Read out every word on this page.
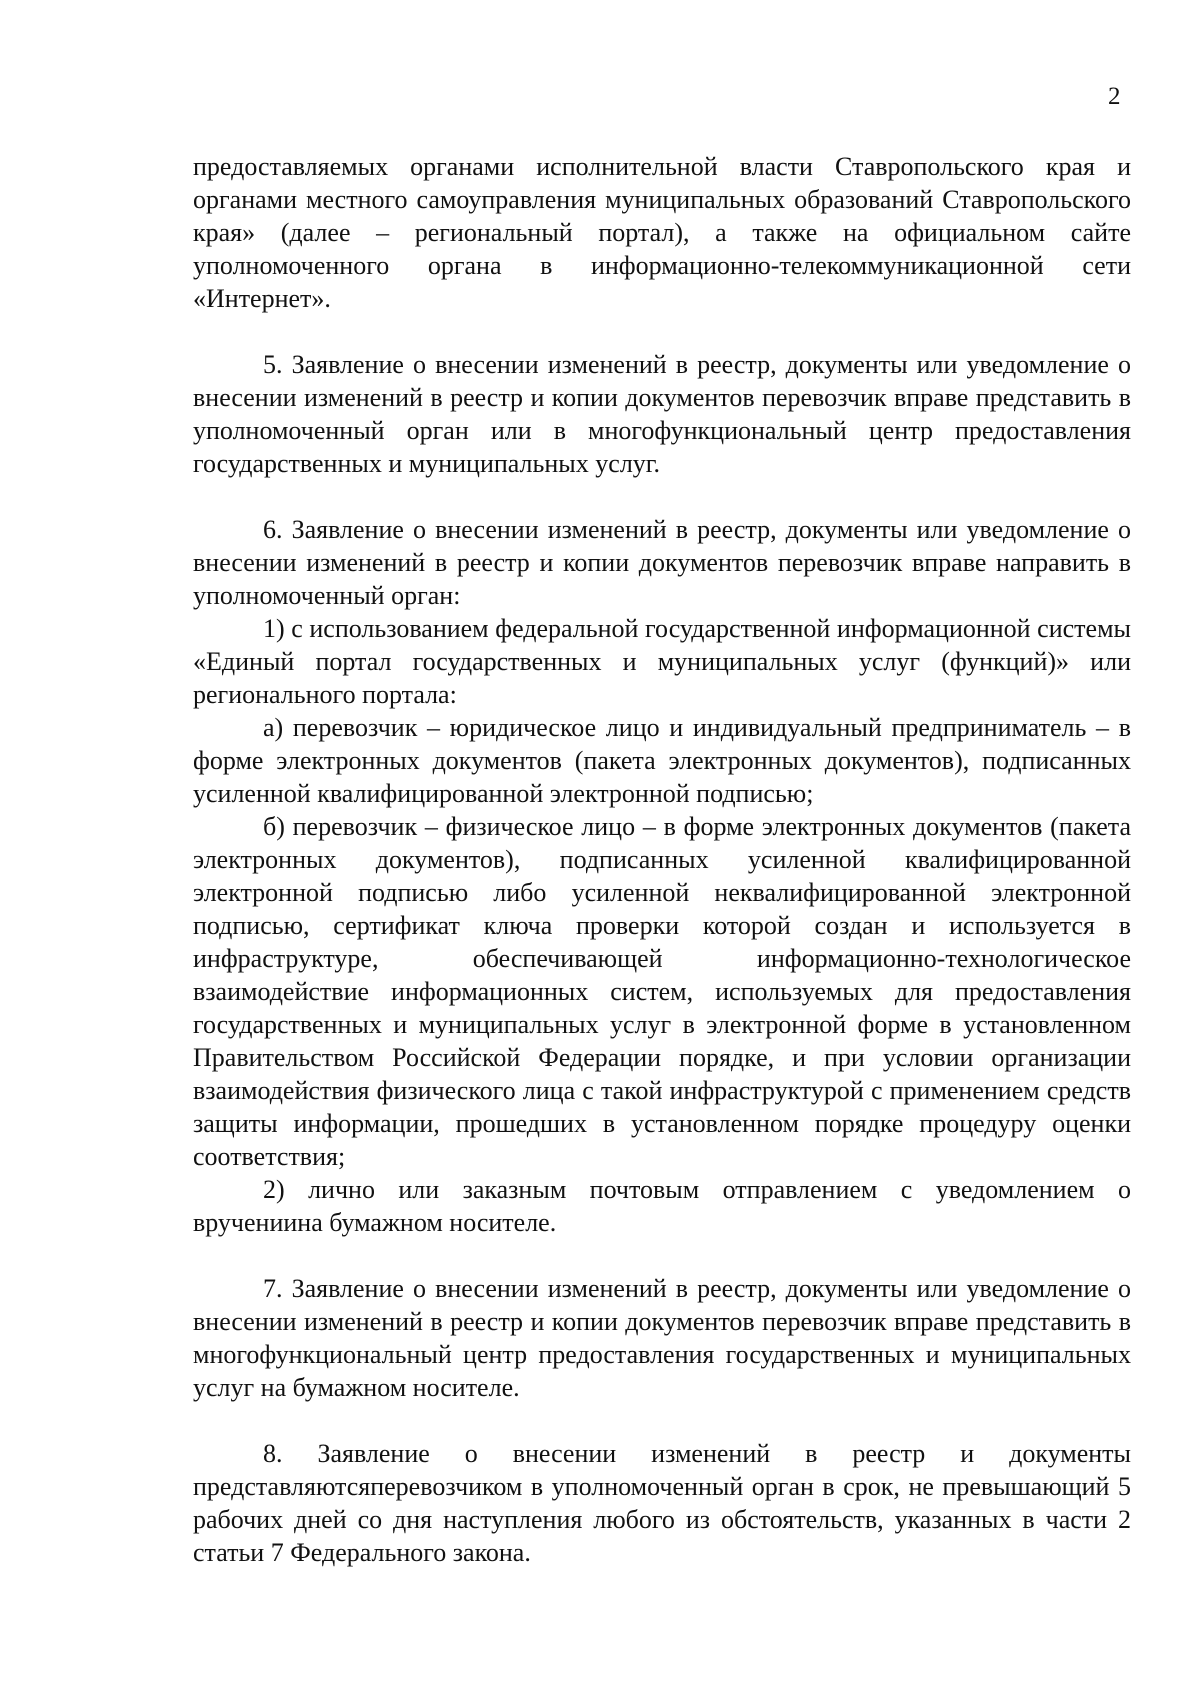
2

предоставляемых органами исполнительной власти Ставропольского края и органами местного самоуправления муниципальных образований Ставропольского края» (далее – региональный портал), а также на официальном сайте уполномоченного органа в информационно-телекоммуникационной сети «Интернет».

5. Заявление о внесении изменений в реестр, документы или уведомление о внесении изменений в реестр и копии документов перевозчик вправе представить в уполномоченный орган или в многофункциональный центр предоставления государственных и муниципальных услуг.

6. Заявление о внесении изменений в реестр, документы или уведомление о внесении изменений в реестр и копии документов перевозчик вправе направить в уполномоченный орган:

1) с использованием федеральной государственной информационной системы «Единый портал государственных и муниципальных услуг (функций)» или регионального портала:

а) перевозчик – юридическое лицо и индивидуальный предприниматель – в форме электронных документов (пакета электронных документов), подписанных усиленной квалифицированной электронной подписью;

б) перевозчик – физическое лицо – в форме электронных документов (пакета электронных документов), подписанных усиленной квалифицированной электронной подписью либо усиленной неквалифицированной электронной подписью, сертификат ключа проверки которой создан и используется в инфраструктуре, обеспечивающей информационно-технологическое взаимодействие информационных систем, используемых для предоставления государственных и муниципальных услуг в электронной форме в установленном Правительством Российской Федерации порядке, и при условии организации взаимодействия физического лица с такой инфраструктурой с применением средств защиты информации, прошедших в установленном порядке процедуру оценки соответствия;

2) лично или заказным почтовым отправлением с уведомлением о вручениина бумажном носителе.

7. Заявление о внесении изменений в реестр, документы или уведомление о внесении изменений в реестр и копии документов перевозчик вправе представить в многофункциональный центр предоставления государственных и муниципальных услуг на бумажном носителе.

8. Заявление о внесении изменений в реестр и документы представляютсяперевозчиком в уполномоченный орган в срок, не превышающий 5 рабочих дней со дня наступления любого из обстоятельств, указанных в части 2 статьи 7 Федерального закона.
